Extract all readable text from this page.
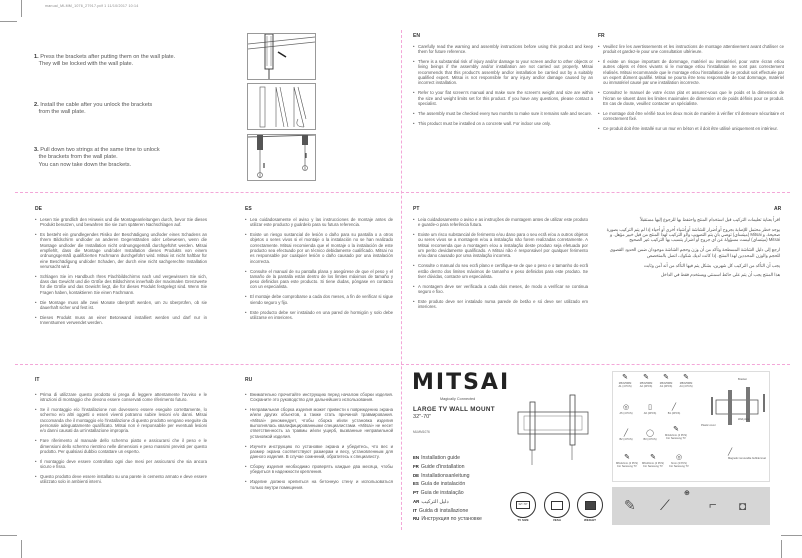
manual_MLMM_1076_27917.pdf 1 11/10/2017 10:14
1. Press the brackets after putting them on the wall plate.
They will be locked with the wall plate.
2. Install the cable after you unlock the brackets
from the wall plate.
3. Pull down two strings at the same time to unlock
the brackets from the wall plate.
You can now take down the brackets.
EN

• Carefully read the warning and assembly instructions before using this product and keep them for future reference.

• There is a substantial risk of injury and/or damage to your screen and/or to other objects or living beings if the assembly and/or installation are not carried out properly. Mitsai recommends that this product's assembly and/or installation be carried out by a suitably qualified expert. Mitsai is not responsible for any injury and/or damage caused by an incorrect installation.

• Refer to your flat screen's manual and make sure the screen's weight and size are within the size and weight limits set for this product. If you have any questions, please contact a specialist.

• The assembly must be checked every two months to make sure it remains safe and secure.

• This product must be installed on a concrete wall. For indoor use only.

FR

• Veuillez lire les avertissements et les instructions de montage attentivement avant d'utiliser ce produit et gardez-le pour une consultation ultérieure.

• Il existe un risque important de dommage, matériel ou immatériel, pour votre écran et/ou autres objets et êtres vivants si le montage et/ou l'installation ne sont pas correctement réalisés. Mitsai recommande que le montage et/ou l'installation de ce produit soit effectuée par un expert dûment qualifié. Mitsai ne pourra être tenu responsable de tout dommage, matériel ou immatériel causé par une installation incorrecte.

• Consultez le manuel de votre écran plat et assurez-vous que le poids et la dimension de l'écran se situent dans les limites maximales de dimension et de poids définis pour ce produit. En cas de doute, veuillez contacter un spécialiste.

• Le montage doit être vérifié tous les deux mois de manière à vérifier s'il demeure sécuritaire et correctement fixé.

• Ce produit doit être installé sur un mur en béton et il doit être utilisé uniquement en intérieur.

DE

• Lesen Sie gründlich den Hinweis und die Montageanleitungen durch, bevor Sie dieses Produkt benutzen, und bewahren Sie sie zum späteren Nachschlagen auf.

• Es besteht ein grundlegendes Risiko der Beschädigung und/oder eines Schadens an Ihrem Bildschirm und/oder an anderen Gegenständen oder Lebewesen, wenn die Montage und/oder die Installation nicht ordnungsgemäß durchgeführt werden. Mitsai empfiehlt, dass die Montage und/oder Installation dieses Produkts von einem ordnungsgemäß qualifizierten Fachmann durchgeführt wird. Mitsai ist nicht haftbar für eine Beschädigung und/oder Schaden, der durch eine nicht sachgerechte Installation verursacht wird.

• Schlagen Sie im Handbuch Ihres Flachbildschirms nach und vergewissern Sie sich, dass das Gewicht und die Größe des Bildschirms innerhalb der maximalen Grenzwerte für die Größe und das Gewicht liegt, die für dieses Produkt festgelegt sind. Wenn Sie Fragen haben, kontaktieren Sie einen Fachmann.

• Die Montage muss alle zwei Monate überprüft werden, um zu überprüfen, ob sie dauerhaft sicher und fest ist.

• Dieses Produkt muss an einer Betonwand installiert werden und darf nur in Innenräumen verwendet werden.

ES

• Lea cuidadosamente el aviso y las instrucciones de montaje antes de utilizar este producto y guárdelo para su futura referencia.

• Existe un riesgo sustancial de lesión o daño para su pantalla o a otros objetos o seres vivos si el montaje o la instalación no se han realizado correctamente. Mitsai recomienda que el montaje o la instalación de este producto sea efectuado por un técnico debidamente cualificado. Mitsai no es responsable por cualquier lesión o daño causado por una instalación incorrecta.

• Consulte el manual de su pantalla plana y asegúrese de que el peso y el tamaño de la pantalla están dentro de los límites máximos de tamaño y peso definidos para este producto. Si tiene dudas, póngase en contacto con un especialista.

• El montaje debe comprobarse a cada dos meses, a fin de verificar si sigue siendo seguro y fijo.

• Este producto debe ser instalado en una pared de hormigón y solo debe utilizarse en interiores.

PT

• Leia cuidadosamente o aviso e as instruções de montagem antes de utilizar este produto e guarde-o para referência futura.

• Existe um risco substancial de ferimento e/ou dano para o seu ecrã e/ou a outros objetos ou seres vivos se a montagem e/ou a instalação não forem realizadas corretamente. A Mitsai recomenda que a montagem e/ou a instalação deste produto seja efetuada por um perito devidamente qualificado. A Mitsai não é responsável por qualquer ferimento e/ou dano causado por uma instalação incorreta.

• Consulte o manual do seu ecrã plano e certifique-se de que o peso e o tamanho do ecrã estão dentro dos limites máximos de tamanho e peso definidos para este produto. Se tiver dúvidas, contacte um especialista.

• A montagem deve ser verificada a cada dois meses, de modo a verificar se continua seguro e fixo.

• Este produto deve ser instalado numa parede de betão e só deve ser utilizado em interiores.

AR

اقرأ بعناية تعليمات التركيب قبل استخدام المنتج واحتفظ بها للرجوع إليها مستقبلاً

يوجد خطر محتمل للإصابة بجروح أو أضرار للشاشة أو أشياء أخرى أو أحياء إذا لم يتم التركيب بصورة صحيحة. و Mitsai (ميتساي) توصي بأن يتم التصويب و/أو التركيب لهذا المنتج من قبل خبير مؤهل. و Mitsai (ميتساي) ليست مسؤولة عن أي جروح أو أضرار يتسبب بها التركيب غير الصحيح

ارجع إلى دليل الشاشة المسطحة وتأكد من أن وزن وحجم الشاشة موجودان ضمن الحدود القصوى للحجم والوزن المحددين لهذا المنتج. إذا كانت لديك شكوك، اتصل بالمتخصص

يجب أن التأكد من التركيب كل شهرين، بشكل يتم فيها التأكد من أنه آمن وثابت

هذا المنتج يجب أن يتم على حائط اسمنتي ويستخدم فقط في الداخل

IT

• Prima di utilizzare questo prodotto si prega di leggere attentamente l'avviso e le istruzioni di montaggio che devono essere conservati come riferimento futuro.

• Se il montaggio e/o l'installazione non dovessero essere eseguite correttamente, lo schermo e/o altri oggetti o esseri viventi potranno subire lesioni e/o danni. Mitsai raccomanda che il montaggio e/o l'installazione di questo prodotto vengano eseguite da personale adeguatamente qualificato. Mitsai non è responsabile per eventuali lesioni e/o danni causati da un'installazione impropria.

• Fare riferimento al manuale dello schermo piatto e assicurarsi che il peso e le dimensioni dello schermo rientrino nelle dimensioni e peso massimi previsti per questo prodotto. Per qualsiasi dubbio contattare un esperto.

• Il montaggio deve essere controllato ogni due mesi per assicurarsi che sia ancora sicuro e fisso.

• Questo prodotto deve essere installato su una parete in cemento armato e deve essere utilizzato solo in ambienti interni.

RU

• Внимательно прочитайте инструкцию перед началом сборки изделия. Сохраните это руководство для дальнейшего использования.

• Неправильная сборка изделия может привести к повреждению экрана и/или других объектов, а также стать причиной травмирования. «Mitsai» рекомендует, чтобы сборка и/или установка изделия выполнялась квалифицированными специалистами. «Mitsai» не несет ответственность за травмы и/или ущерб, вызванные неправильной установкой изделия.

• Изучите инструкцию по установке экрана и убедитесь, что вес и размер экрана соответствуют размерам и весу, установленным для данного изделия. В случае сомнений, обратитесь к специалисту.

• Сборку изделия необходимо проверять каждые два месяца, чтобы убедиться в надежности крепления.

• Изделие должно крепиться на бетонную стену и использоваться только внутри помещения.

MITSAI
Magically Connected
LARGE TV WALL MOUNT
32"-70"
MLMM1076
EN Installation guide
FR Guide d'installation
DE Installationsanleitung
ES Guía de instalación
PT Guia de instalação
AR دليل التركيب
IT Guida di installazione
RU Инструкция по установке
32"-70"
TV SIZE	VESA	WEIGHT
✎
M6X25MM
A1 (4 PCS)
✎
M5X25MM
A2 (4PCS)
✎
M6X25MM
A3 (4PCS)
✎
M8X25MM
A4 (4 PCS)
◎
A5 (4 PCS)
▯
A6 (4PCS)
╱
B1 (4PCS)
╱
B2 (4 PCS)
◯
B3 (4 PCS)
✎
M4x12mm (4 PCS)
For Samsung TV
✎
M6x12mm (4 PCS)
For Samsung TV
✎
M6x16mm (4 PCS)
For Samsung TV
◎
6mm (4 PCS)
For Samsung TV
Bracket
Wall plate
Plastic cover
╱
Magnetic removable bubble level
✎ ⟋
⊕
⌐ ◘
